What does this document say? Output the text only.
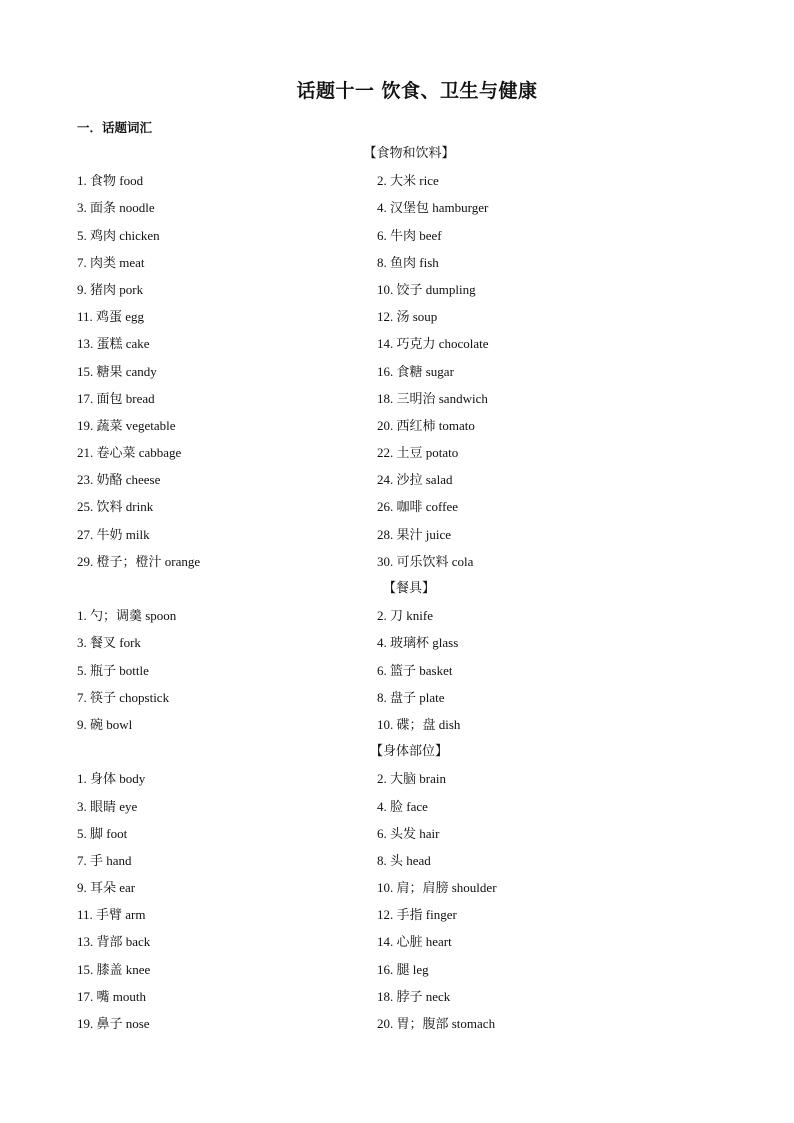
话题十一 饮食、卫生与健康
一．话题词汇
【食物和饮料】
1. 食物 food	2. 大米 rice
3. 面条 noodle	4. 汉堡包 hamburger
5. 鸡肉 chicken	6. 牛肉 beef
7. 肉类 meat	8. 鱼肉 fish
9. 猪肉 pork	10. 饺子 dumpling
11. 鸡蛋 egg	12. 汤 soup
13. 蛋糕 cake	14. 巧克力 chocolate
15. 糖果 candy	16. 食糖 sugar
17. 面包 bread	18. 三明治 sandwich
19. 蔬菜 vegetable	20. 西红柿 tomato
21. 卷心菜 cabbage	22. 土豆 potato
23. 奶酪 cheese	24. 沙拉 salad
25. 饮料 drink	26. 咖啡 coffee
27. 牛奶 milk	28. 果汁 juice
29. 橙子；橙汁 orange	30. 可乐饮料 cola
【餐具】
1. 勺；调羹 spoon	2. 刀 knife
3. 餐叉 fork	4. 玻璃杯 glass
5. 瓶子 bottle	6. 篮子 basket
7. 筷子 chopstick	8. 盘子 plate
9. 碗 bowl	10. 碟；盘 dish
【身体部位】
1. 身体 body	2. 大脑 brain
3. 眼睛 eye	4. 脸 face
5. 脚 foot	6. 头发 hair
7. 手 hand	8. 头 head
9. 耳朵 ear	10. 肩；肩膀 shoulder
11. 手臂 arm	12. 手指 finger
13. 背部 back	14. 心脏 heart
15. 膝盖 knee	16. 腿 leg
17. 嘴 mouth	18. 脖子 neck
19. 鼻子 nose	20. 胃；腹部 stomach
